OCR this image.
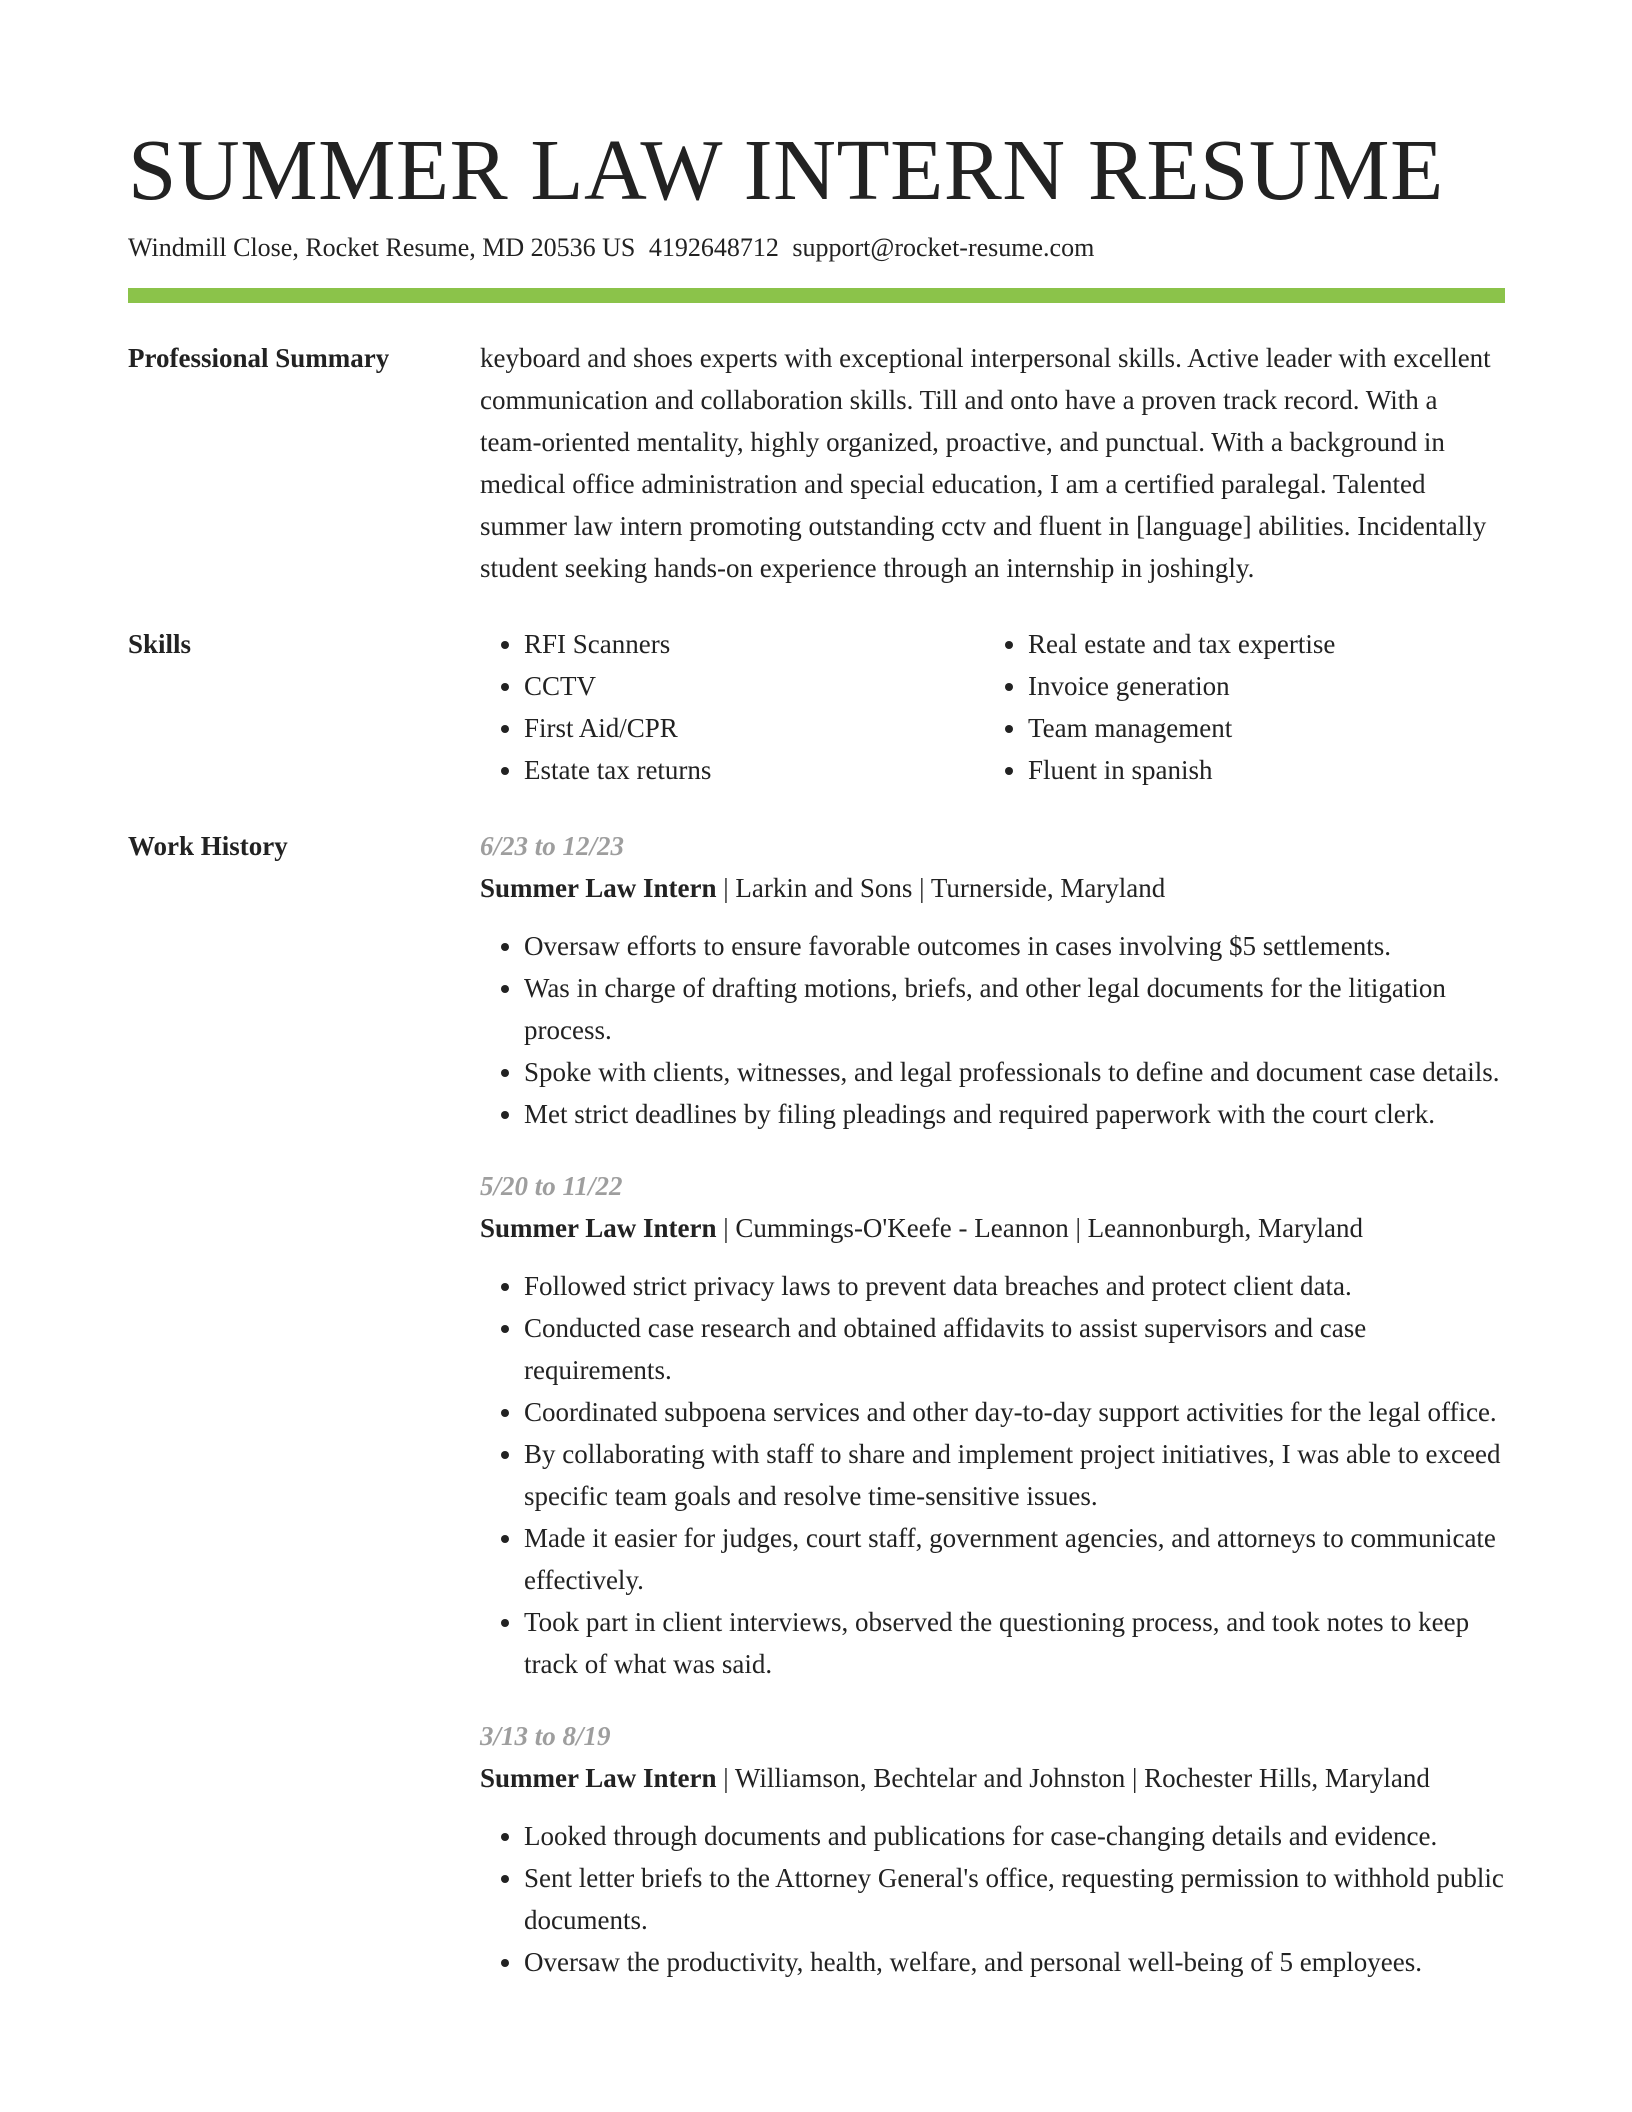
SUMMER LAW INTERN RESUME
Windmill Close, Rocket Resume, MD 20536 US 4192648712 support@rocket-resume.com
Professional Summary	keyboard and shoes experts with exceptional interpersonal skills. Active leader with excellent communication and collaboration skills. Till and onto have a proven track record. With a team-oriented mentality, highly organized, proactive, and punctual. With a background in medical office administration and special education, I am a certified paralegal. Talented summer law intern promoting outstanding cctv and fluent in [language] abilities. Incidentally student seeking hands-on experience through an internship in joshingly.

Skills
•	RFI Scanners
• CCTV
• First Aid/CPR
• Estate tax returns
• Real estate and tax expertise
• Invoice generation
• Team management
• Fluent in spanish
Work History	6/23 to 12/23
Summer Law Intern | Larkin and Sons | Turnerside, Maryland
• Oversaw efforts to ensure favorable outcomes in cases involving $5 settlements.
• Was in charge of drafting motions, briefs, and other legal documents for the litigation process.
• Spoke with clients, witnesses, and legal professionals to define and document case details.
• Met strict deadlines by filing pleadings and required paperwork with the court clerk.
5/20 to 11/22
Summer Law Intern | Cummings-O'Keefe - Leannon | Leannonburgh, Maryland
• Followed strict privacy laws to prevent data breaches and protect client data.
• Conducted case research and obtained affidavits to assist supervisors and case requirements.
• Coordinated subpoena services and other day-to-day support activities for the legal office.
• By collaborating with staff to share and implement project initiatives, I was able to exceed specific team goals and resolve time-sensitive issues.
• Made it easier for judges, court staff, government agencies, and attorneys to communicate effectively.
• Took part in client interviews, observed the questioning process, and took notes to keep track of what was said.
3/13 to 8/19
Summer Law Intern | Williamson, Bechtelar and Johnston | Rochester Hills, Maryland
• Looked through documents and publications for case-changing details and evidence.
• Sent letter briefs to the Attorney General's office, requesting permission to withhold public documents.
• Oversaw the productivity, health, welfare, and personal well-being of 5 employees.
